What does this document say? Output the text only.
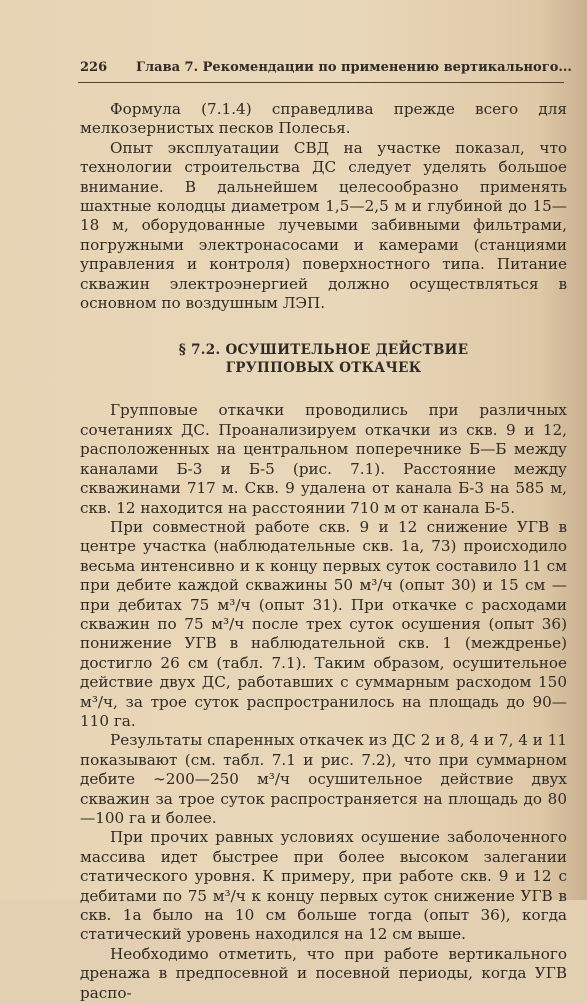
226 Глава 7. Рекомендации по применению вертикального...

Формула (7.1.4) справедлива прежде всего для мелкозернистых песков Полесья.

Опыт эксплуатации СВД на участке показал, что технологии строительства ДС следует уделять большое внимание. В дальнейшем целесообразно применять шахтные колодцы диаметром 1,5—2,5 м и глубиной до 15—18 м, оборудованные лучевыми забивными фильтрами, погружными электронасосами и камерами (станциями управления и контроля) поверхностного типа. Питание скважин электроэнергией должно осуществляться в основном по воздушным ЛЭП.

§ 7.2. ОСУШИТЕЛЬНОЕ ДЕЙСТВИЕ
ГРУППОВЫХ ОТКАЧЕК

Групповые откачки проводились при различных сочетаниях ДС. Проанализируем откачки из скв. 9 и 12, расположенных на центральном поперечнике Б—Б между каналами Б-3 и Б-5 (рис. 7.1). Расстояние между скважинами 717 м. Скв. 9 удалена от канала Б-3 на 585 м, скв. 12 находится на расстоянии 710 м от канала Б-5.

При совместной работе скв. 9 и 12 снижение УГВ в центре участка (наблюдательные скв. 1а, 73) происходило весьма интенсивно и к концу первых суток составило 11 см при дебите каждой скважины 50 м³/ч (опыт 30) и 15 см — при дебитах 75 м³/ч (опыт 31). При откачке с расходами скважин по 75 м³/ч после трех суток осушения (опыт 36) понижение УГВ в наблюдательной скв. 1 (междренье) достигло 26 см (табл. 7.1). Таким образом, осушительное действие двух ДС, работавших с суммарным расходом 150 м³/ч, за трое суток распространилось на площадь до 90—110 га.

Результаты спаренных откачек из ДС 2 и 8, 4 и 7, 4 и 11 показывают (см. табл. 7.1 и рис. 7.2), что при суммарном дебите ∼200—250 м³/ч осушительное действие двух скважин за трое суток распространяется на площадь до 80—100 га и более.

При прочих равных условиях осушение заболоченного массива идет быстрее при более высоком залегании статического уровня. К примеру, при работе скв. 9 и 12 с дебитами по 75 м³/ч к концу первых суток снижение УГВ в скв. 1а было на 10 см больше тогда (опыт 36), когда статический уровень находился на 12 см выше.

Необходимо отметить, что при работе вертикального дренажа в предпосевной и посевной периоды, когда УГВ распо-
